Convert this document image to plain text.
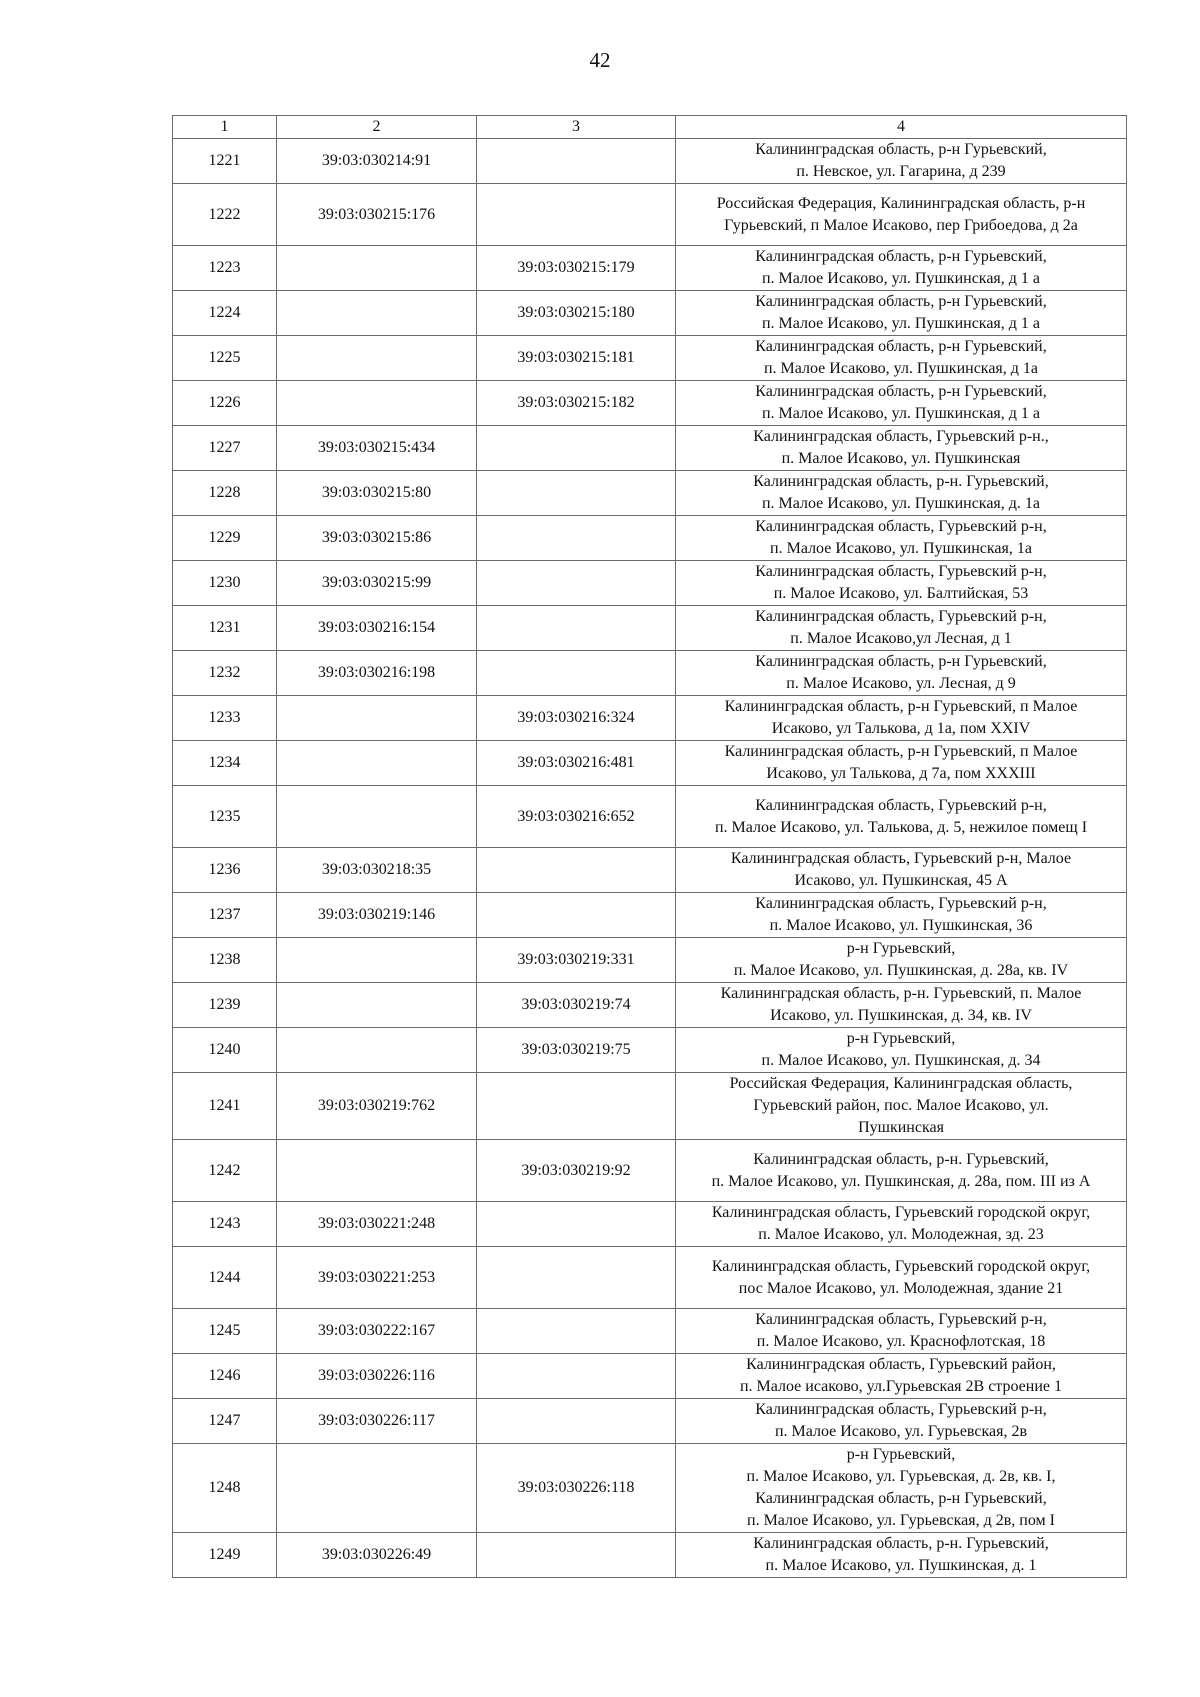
42
1	2	3	4
1221	39:03:030214:91		Калининградская область, р-н Гурьевский,
п. Невское, ул. Гагарина, д 239
1222	39:03:030215:176		Российская Федерация, Калининградская область, р-н
Гурьевский, п Малое Исаково, пер Грибоедова, д 2а
1223		39:03:030215:179	Калининградская область, р-н Гурьевский,
п. Малое Исаково, ул. Пушкинская, д 1 а
1224		39:03:030215:180	Калининградская область, р-н Гурьевский,
п. Малое Исаково, ул. Пушкинская, д 1 а
1225		39:03:030215:181	Калининградская область, р-н Гурьевский,
п. Малое Исаково, ул. Пушкинская, д 1а
1226		39:03:030215:182	Калининградская область, р-н Гурьевский,
п. Малое Исаково, ул. Пушкинская, д 1 а
1227	39:03:030215:434		Калининградская область, Гурьевский р-н.,
п. Малое Исаково, ул. Пушкинская
1228	39:03:030215:80		Калининградская область, р-н. Гурьевский,
п. Малое Исаково, ул. Пушкинская, д. 1а
1229	39:03:030215:86		Калининградская область, Гурьевский р-н,
п. Малое Исаково, ул. Пушкинская, 1а
1230	39:03:030215:99		Калининградская область, Гурьевский р-н,
п. Малое Исаково, ул. Балтийская, 53
1231	39:03:030216:154		Калининградская область, Гурьевский р-н,
п. Малое Исаково,ул Лесная, д 1
1232	39:03:030216:198		Калининградская область, р-н Гурьевский,
п. Малое Исаково, ул. Лесная, д 9
1233		39:03:030216:324	Калининградская область, р-н Гурьевский, п Малое
Исаково, ул Талькова, д 1а, пом XXIV
1234		39:03:030216:481	Калининградская область, р-н Гурьевский, п Малое
Исаково, ул Талькова, д 7а, пом XXXIII
1235		39:03:030216:652	Калининградская область, Гурьевский р-н,
п. Малое Исаково, ул. Талькова, д. 5, нежилое помещ I
1236	39:03:030218:35		Калининградская область, Гурьевский р-н, Малое
Исаково, ул. Пушкинская, 45 А
1237	39:03:030219:146		Калининградская область, Гурьевский р-н,
п. Малое Исаково, ул. Пушкинская, 36
1238		39:03:030219:331	р-н Гурьевский,
п. Малое Исаково, ул. Пушкинская, д. 28а, кв. IV
1239		39:03:030219:74	Калининградская область, р-н. Гурьевский, п. Малое
Исаково, ул. Пушкинская, д. 34, кв. IV
1240		39:03:030219:75	р-н Гурьевский,
п. Малое Исаково, ул. Пушкинская, д. 34
1241	39:03:030219:762		Российская Федерация, Калининградская область,
Гурьевский район, пос. Малое Исаково, ул.
Пушкинская
1242		39:03:030219:92	Калининградская область, р-н. Гурьевский,
п. Малое Исаково, ул. Пушкинская, д. 28а, пом. III из А
1243	39:03:030221:248		Калининградская область, Гурьевский городской округ,
п. Малое Исаково, ул. Молодежная, зд. 23
1244	39:03:030221:253		Калининградская область, Гурьевский городской округ,
пос Малое Исаково, ул. Молодежная, здание 21
1245	39:03:030222:167		Калининградская область, Гурьевский р-н,
п. Малое Исаково, ул. Краснофлотская, 18
1246	39:03:030226:116		Калининградская область, Гурьевский район,
п. Малое исаково, ул.Гурьевская 2В строение 1
1247	39:03:030226:117		Калининградская область, Гурьевский р-н,
п. Малое Исаково, ул. Гурьевская, 2в
1248		39:03:030226:118	р-н Гурьевский,
п. Малое Исаково, ул. Гурьевская, д. 2в, кв. I,
Калининградская область, р-н Гурьевский,
п. Малое Исаково, ул. Гурьевская, д 2в, пом I
1249	39:03:030226:49		Калининградская область, р-н. Гурьевский,
п. Малое Исаково, ул. Пушкинская, д. 1
